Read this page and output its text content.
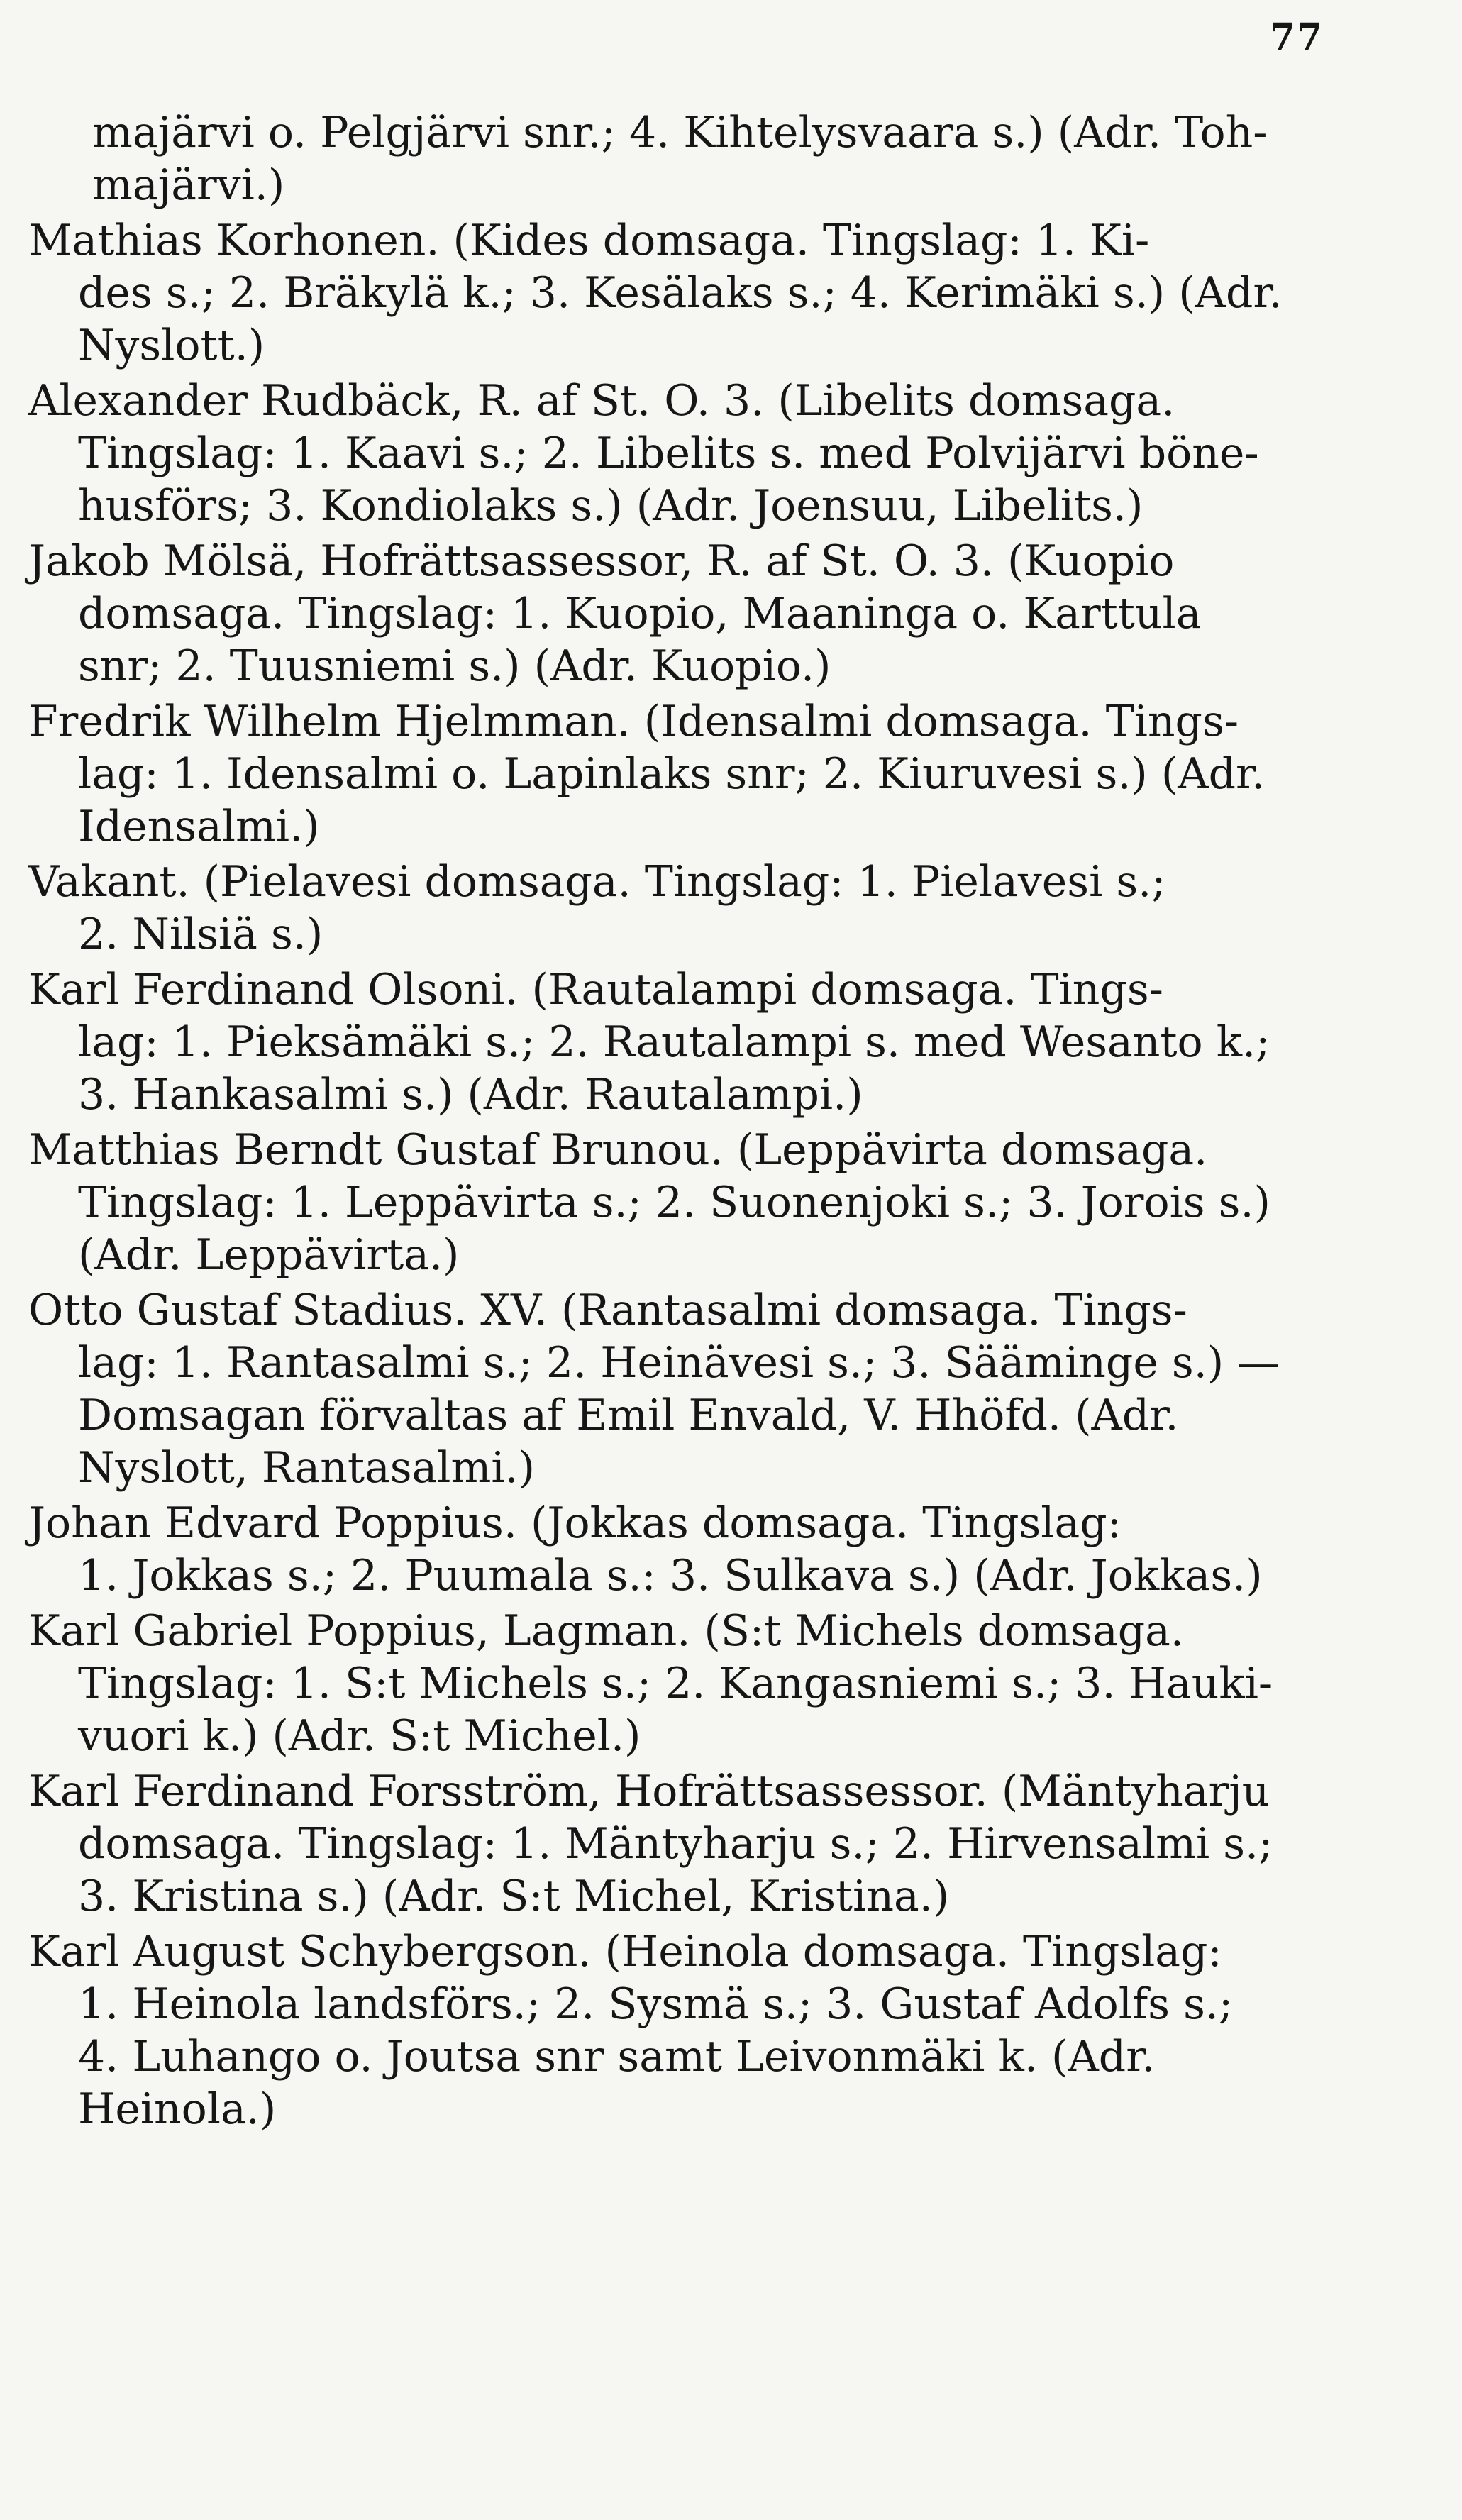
77
majärvi o. Pelgjärvi snr.; 4. Kihtelysvaara s.) (Adr. Toh-
majärvi.)
Mathias Korhonen. (Kides domsaga. Tingslag: 1. Ki-
des s.; 2. Bräkylä k.; 3. Kesälaks s.; 4. Kerimäki s.) (Adr.
Nyslott.)
Alexander Rudbäck, R. af St. O. 3. (Libelits domsaga.
Tingslag: 1. Kaavi s.; 2. Libelits s. med Polvijärvi böne-
husförs; 3. Kondiolaks s.) (Adr. Joensuu, Libelits.)
Jakob Mölsä, Hofrättsassessor, R. af St. O. 3. (Kuopio
domsaga. Tingslag: 1. Kuopio, Maaninga o. Karttula
snr; 2. Tuusniemi s.) (Adr. Kuopio.)
Fredrik Wilhelm Hjelmman. (Idensalmi domsaga. Tings-
lag: 1. Idensalmi o. Lapinlaks snr; 2. Kiuruvesi s.) (Adr.
Idensalmi.)
Vakant. (Pielavesi domsaga. Tingslag: 1. Pielavesi s.;
2. Nilsiä s.)
Karl Ferdinand Olsoni. (Rautalampi domsaga. Tings-
lag: 1. Pieksämäki s.; 2. Rautalampi s. med Wesanto k.;
3. Hankasalmi s.) (Adr. Rautalampi.)
Matthias Berndt Gustaf Brunou. (Leppävirta domsaga.
Tingslag: 1. Leppävirta s.; 2. Suonenjoki s.; 3. Jorois s.)
(Adr. Leppävirta.)
Otto Gustaf Stadius. XV. (Rantasalmi domsaga. Tings-
lag: 1. Rantasalmi s.; 2. Heinävesi s.; 3. Sääminge s.) —
Domsagan förvaltas af Emil Envald, V. Hhöfd. (Adr.
Nyslott, Rantasalmi.)
Johan Edvard Poppius. (Jokkas domsaga. Tingslag:
1. Jokkas s.; 2. Puumala s.: 3. Sulkava s.) (Adr. Jokkas.)
Karl Gabriel Poppius, Lagman. (S:t Michels domsaga.
Tingslag: 1. S:t Michels s.; 2. Kangasniemi s.; 3. Hauki-
vuori k.) (Adr. S:t Michel.)
Karl Ferdinand Forsström, Hofrättsassessor. (Mäntyharju
domsaga. Tingslag: 1. Mäntyharju s.; 2. Hirvensalmi s.;
3. Kristina s.) (Adr. S:t Michel, Kristina.)
Karl August Schybergson. (Heinola domsaga. Tingslag:
1. Heinola landsförs.; 2. Sysmä s.; 3. Gustaf Adolfs s.;
4. Luhango o. Joutsa snr samt Leivonmäki k. (Adr.
Heinola.)
